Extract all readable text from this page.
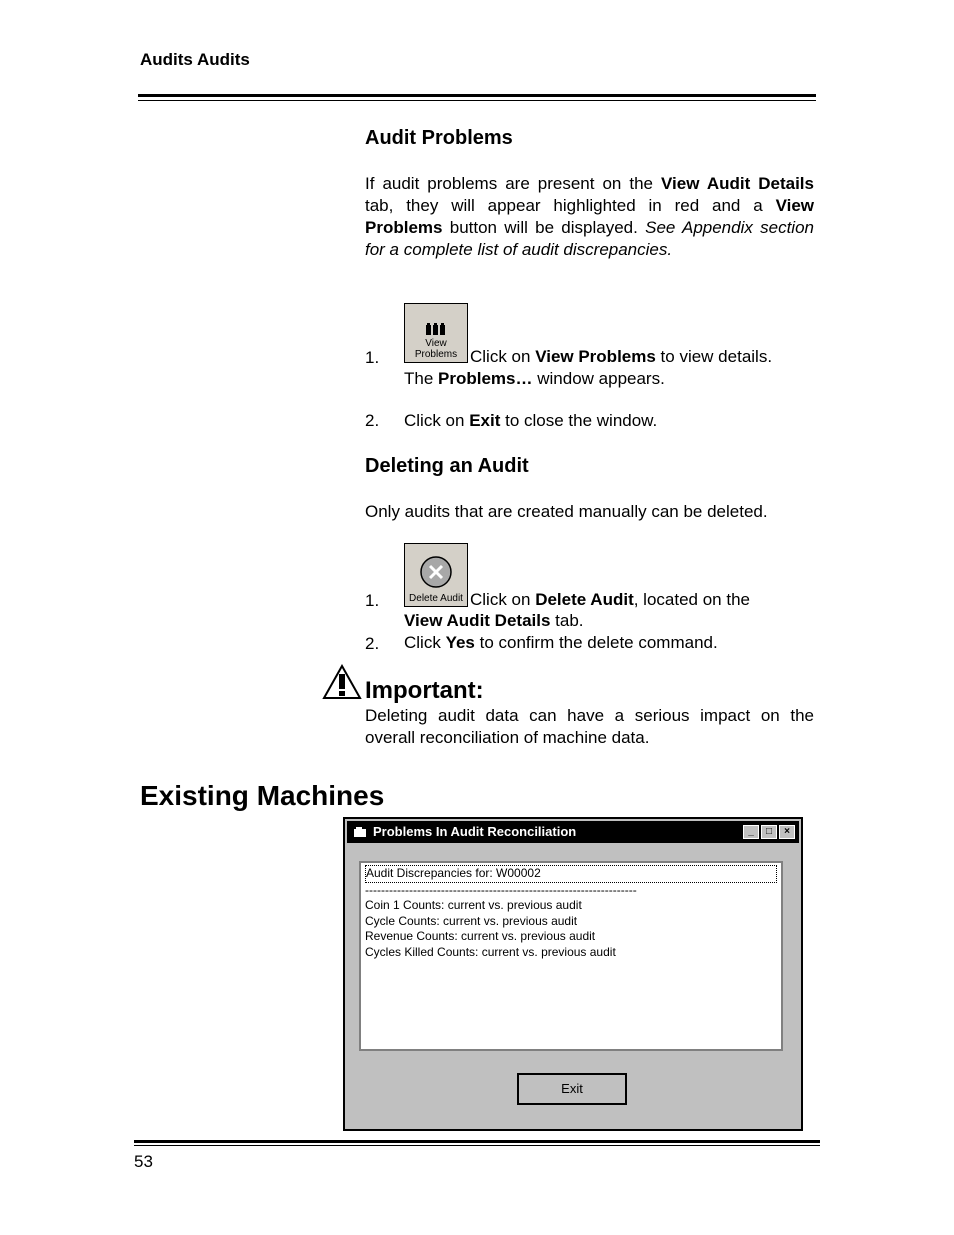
Audits Audits
Audit Problems
If audit problems are present on the View Audit Details tab, they will appear highlighted in red and a View Problems button will be displayed. See Appendix section for a complete list of audit discrepancies.
View
Problems
1.	Click on View Problems to view details.
The Problems… window appears.
2. Click on Exit to close the window.
Deleting an Audit
Only audits that are created manually can be deleted.
Delete Audit
1.	Click on Delete Audit, located on the
View Audit Details tab.
2. Click Yes to confirm the delete command.
Important:
Deleting audit data can have a serious impact on the overall reconciliation of machine data.
Existing Machines
Problems In Audit Reconciliation	_	□	×
Audit Discrepancies for: W00002
--------------------------------------------------------------------
Coin 1 Counts: current vs. previous audit
Cycle Counts: current vs. previous audit
Revenue Counts: current vs. previous audit
Cycles Killed Counts: current vs. previous audit
Exit
53
